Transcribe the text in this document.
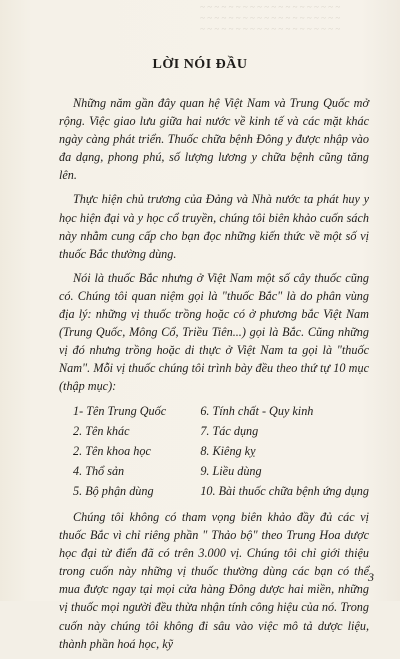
~ ~ ~ ~ ~ ~ ~ ~ ~ ~ ~ ~ ~ ~ ~ ~ ~ ~ ~ ~
~ ~ ~ ~ ~ ~ ~ ~ ~ ~ ~ ~ ~ ~ ~ ~ ~ ~ ~ ~
~ ~ ~ ~ ~ ~ ~ ~ ~ ~ ~ ~ ~ ~ ~ ~ ~ ~ ~ ~
LỜI NÓI ĐẦU

Những năm gần đây quan hệ Việt Nam và Trung Quốc mở rộng. Việc giao lưu giữa hai nước về kinh tế và các mặt khác ngày càng phát triển. Thuốc chữa bệnh Đông y được nhập vào đa dạng, phong phú, số lượng lương y chữa bệnh cũng tăng lên.

Thực hiện chủ trương của Đảng và Nhà nước ta phát huy y học hiện đại và y học cổ truyền, chúng tôi biên khảo cuốn sách này nhằm cung cấp cho bạn đọc những kiến thức về một số vị thuốc Bắc thường dùng.

Nói là thuốc Bắc nhưng ở Việt Nam một số cây thuốc cũng có. Chúng tôi quan niệm gọi là "thuốc Bắc" là do phân vùng địa lý: những vị thuốc trồng hoặc có ở phương bắc Việt Nam (Trung Quốc, Mông Cổ, Triều Tiên...) gọi là Bắc. Cũng những vị đó nhưng trồng hoặc di thực ở Việt Nam ta gọi là "thuốc Nam". Mỗi vị thuốc chúng tôi trình bày đều theo thứ tự 10 mục (thập mục):

1- Tên Trung Quốc	6. Tính chất - Quy kinh
2. Tên khác	7. Tác dụng
2. Tên khoa học	8. Kiêng kỵ
4. Thổ sản	9. Liều dùng
5. Bộ phận dùng	10. Bài thuốc chữa bệnh ứng dụng

Chúng tôi không có tham vọng biên khảo đầy đủ các vị thuốc Bắc vì chỉ riêng phần " Thảo bộ" theo Trung Hoa dược học đại từ điển đã có trên 3.000 vị. Chúng tôi chỉ giới thiệu trong cuốn này những vị thuốc thường dùng các bạn có thể mua được ngay tại mọi cửa hàng Đông dược hai miền, những vị thuốc mọi người đều thừa nhận tính công hiệu của nó. Trong cuốn này chúng tôi không đi sâu vào việc mô tả dược liệu, thành phần hoá học, kỹ

3
